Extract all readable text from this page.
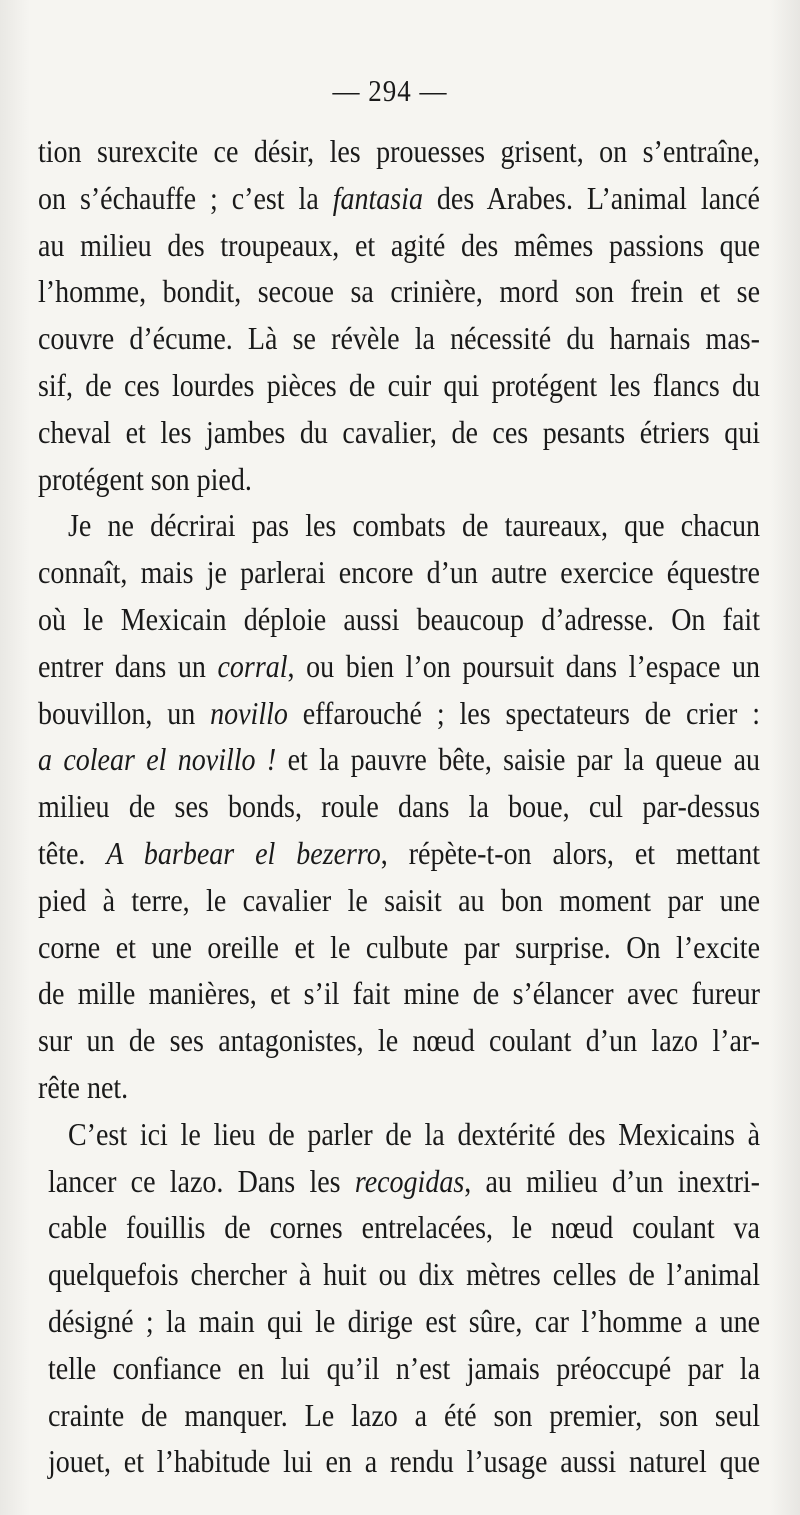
— 294 —
tion surexcite ce désir, les prouesses grisent, on s’entraîne,
on s’échauffe ; c’est la fantasia des Arabes. L’animal lancé
au milieu des troupeaux, et agité des mêmes passions que
l’homme, bondit, secoue sa crinière, mord son frein et se
couvre d’écume. Là se révèle la nécessité du harnais mas-
sif, de ces lourdes pièces de cuir qui protégent les flancs du
cheval et les jambes du cavalier, de ces pesants étriers qui
protégent son pied.
Je ne décrirai pas les combats de taureaux, que chacun
connaît, mais je parlerai encore d’un autre exercice équestre
où le Mexicain déploie aussi beaucoup d’adresse. On fait
entrer dans un corral, ou bien l’on poursuit dans l’espace un
bouvillon, un novillo effarouché ; les spectateurs de crier :
a colear el novillo ! et la pauvre bête, saisie par la queue au
milieu de ses bonds, roule dans la boue, cul par-dessus
tête. A barbear el bezerro, répète-t-on alors, et mettant
pied à terre, le cavalier le saisit au bon moment par une
corne et une oreille et le culbute par surprise. On l’excite
de mille manières, et s’il fait mine de s’élancer avec fureur
sur un de ses antagonistes, le nœud coulant d’un lazo l’ar-
rête net.
C’est ici le lieu de parler de la dextérité des Mexicains à
lancer ce lazo. Dans les recogidas, au milieu d’un inextri-
cable fouillis de cornes entrelacées, le nœud coulant va
quelquefois chercher à huit ou dix mètres celles de l’animal
désigné ; la main qui le dirige est sûre, car l’homme a une
telle confiance en lui qu’il n’est jamais préoccupé par la
crainte de manquer. Le lazo a été son premier, son seul
jouet, et l’habitude lui en a rendu l’usage aussi naturel que
